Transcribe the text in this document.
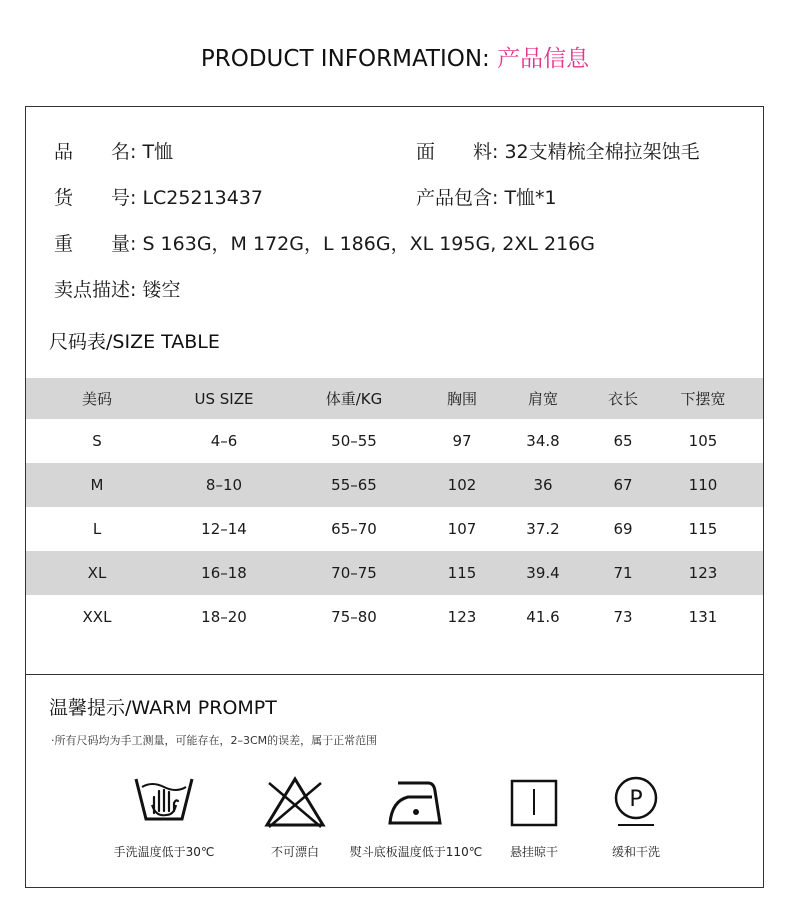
PRODUCT INFORMATION: 产品信息
品　　名: T恤	面　　料: 32支精梳全棉拉架蚀毛
货　　号: LC25213437	产品包含: T恤*1
重　　量: S 163G，M 172G，L 186G，XL 195G, 2XL 216G
卖点描述: 镂空
尺码表/SIZE TABLE
美码	US SIZE	体重/KG	胸围	肩宽	衣长	下摆宽
S	4–6	50–55	97	34.8	65	105
M	8–10	55–65	102	36	67	110
L	12–14	65–70	107	37.2	69	115
XL	16–18	70–75	115	39.4	71	123
XXL	18–20	75–80	123	41.6	73	131
温馨提示/WARM PROMPT
·所有尺码均为手工测量，可能存在，2–3CM的误差，属于正常范围
手洗温度低于30℃	不可漂白	熨斗底板温度低于110℃	悬挂晾干
P
缓和干洗
